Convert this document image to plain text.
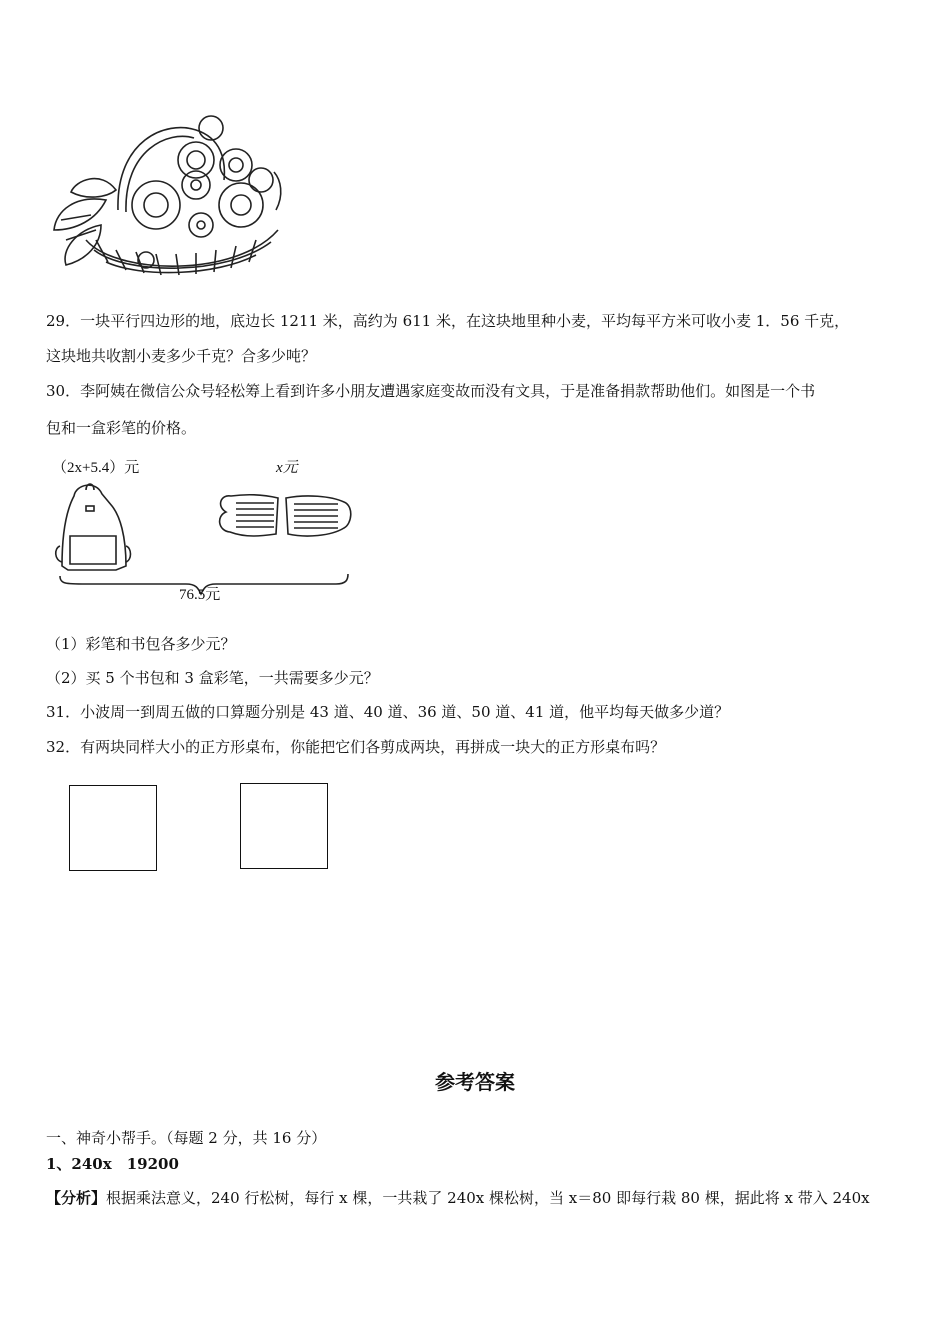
29．一块平行四边形的地，底边长 1211 米，高约为 611 米，在这块地里种小麦，平均每平方米可收小麦 1．56 千克，
这块地共收割小麦多少千克？合多少吨？
30．李阿姨在微信公众号轻松筹上看到许多小朋友遭遇家庭变故而没有文具，于是准备捐款帮助他们。如图是一个书
包和一盒彩笔的价格。
（2x+5.4）元	x元
76.5元
（1）彩笔和书包各多少元？
（2）买 5 个书包和 3 盒彩笔，一共需要多少元？
31．小波周一到周五做的口算题分别是 43 道、40 道、36 道、50 道、41 道，他平均每天做多少道？
32．有两块同样大小的正方形桌布，你能把它们各剪成两块，再拼成一块大的正方形桌布吗？
参考答案
一、神奇小帮手。（每题 2 分，共 16 分）
1、240x　19200
【分析】根据乘法意义，240 行松树，每行 x 棵，一共栽了 240x 棵松树，当 x＝80 即每行栽 80 棵，据此将 x 带入 240x
